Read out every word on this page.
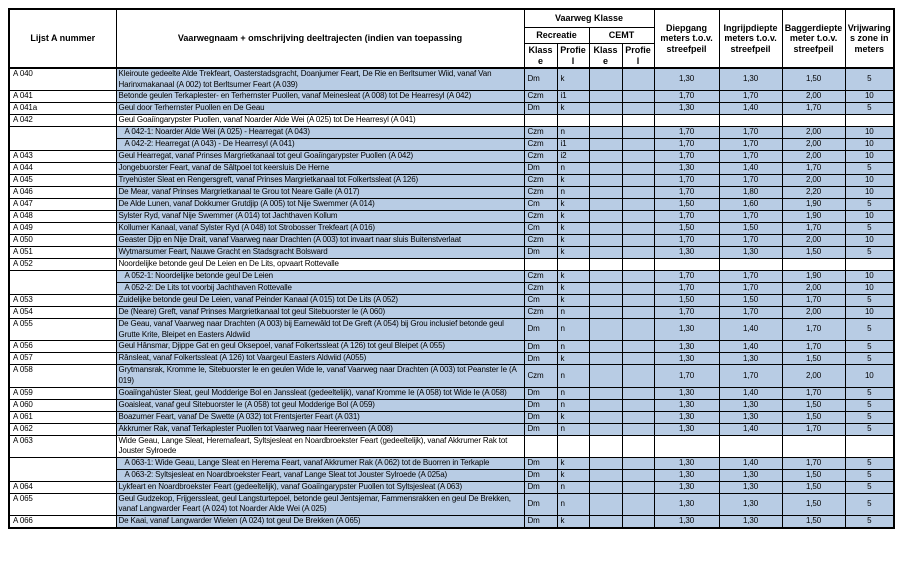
Lijst A nummer	Vaarwegnaam + omschrijving deeltrajecten (indien van toepassing	Vaarweg Klasse				Diepgang meters t.o.v. streefpeil	Ingrijpdiepte meters t.o.v. streefpeil	Baggerdiepte meter t.o.v. streefpeil	Vrijwarings zone in meters
		Recreatie		CEMT					
		Klasse	Profiel	Klasse	Profiel				
A 040	Kleiroute gedeelte Alde Trekfeart, Oasterstadsgracht, Doanjumer Feart, De Rie en Berltsumer Wiid, vanaf Van Harinxmakanaal (A 002) tot Berltsumer Feart (A 039)	Dm	k			1,30	1,30	1,50	5
A 041	Betonde geulen Terkaplester- en Terhernster Puollen, vanaf Meinesleat (A 008) tot De Hearresyl (A 042)	Czm	i1			1,70	1,70	2,00	10
A 041a	Geul door Terhernster Puollen en De Geau	Dm	k			1,30	1,40	1,70	5
A 042	Geul Goaiïngarypster Puollen, vanaf Noarder Alde Wei (A 025) tot De Hearresyl (A 041)								
	A 042-1: Noarder Alde Wei (A 025) - Hearregat (A 043)	Czm	n			1,70	1,70	2,00	10
	A 042-2: Hearregat (A 043) - De Hearresyl (A 041)	Czm	i1			1,70	1,70	2,00	10
A 043	Geul Hearregat, vanaf Prinses Margrietkanaal tot geul Goaiïngarypster Puollen (A 042)	Czm	i2			1,70	1,70	2,00	10
A 044	Jongebuorster Feart, vanaf de Sâltpoel tot keersluis De Herne	Dm	n			1,30	1,40	1,70	5
A 045	Tryehúster Sleat en Rengersgreft, vanaf Prinses Margrietkanaal tot Folkertssleat (A 126)	Czm	k			1,70	1,70	2,00	10
A 046	De Mear, vanaf Prinses Margrietkanaal te Grou tot Neare Galle (A 017)	Czm	n			1,70	1,80	2,20	10
A 047	De Alde Lunen, vanaf Dokkumer Grutdjip (A 005) tot Nije Swemmer (A 014)	Cm	k			1,50	1,60	1,90	5
A 048	Sylster Ryd, vanaf Nije Swemmer (A 014) tot Jachthaven Kollum	Czm	k			1,70	1,70	1,90	10
A 049	Kollumer Kanaal, vanaf Sylster Ryd (A 048) tot Strobosser Trekfeart (A 016)	Cm	k			1,50	1,50	1,70	5
A 050	Geaster Djip en Nije Drait, vanaf Vaarweg naar Drachten (A 003) tot invaart naar sluis Buitenstverlaat	Czm	k			1,70	1,70	2,00	10
A 051	Wytmarsumer Feart, Nauwe Gracht en Stadsgracht Bolsward	Dm	k			1,30	1,30	1,50	5
A 052	Noordelijke betonde geul De Leien en De Lits, opvaart Rottevalle								
	A 052-1: Noordelijke betonde geul De Leien	Czm	k			1,70	1,70	1,90	10
	A 052-2: De Lits tot voorbij Jachthaven Rottevalle	Czm	k			1,70	1,70	2,00	10
A 053	Zuidelijke betonde geul De Leien, vanaf Peinder Kanaal (A 015) tot De Lits (A 052)	Cm	k			1,50	1,50	1,70	5
A 054	De (Neare) Greft, vanaf Prinses Margrietkanaal tot geul Sitebuorster Ie (A 060)	Czm	n			1,70	1,70	2,00	10
A 055	De Geau, vanaf Vaarweg naar Drachten (A 003) bij Earnewâld tot De Greft (A 054) bij Grou inclusief betonde geul Grutte Krite, Bleipet en Easters Aldwiid	Dm	n			1,30	1,40	1,70	5
A 056	Geul Hânsmar, Djippe Gat en geul Oksepoel, vanaf Folkertssleat (A 126) tot geul Bleipet (A 055)	Dm	n			1,30	1,40	1,70	5
A 057	Rânsleat, vanaf Folkertssleat (A 126) tot Vaargeul Easters Aldwiid (A055)	Dm	k			1,30	1,30	1,50	5
A 058	Grytmansrak, Kromme Ie, Sitebuorster Ie en geulen Wide Ie, vanaf Vaarweg naar Drachten (A 003) tot Peanster Ie (A 019)	Czm	n			1,70	1,70	2,00	10
A 059	Goaiïngahúster Sleat, geul Modderige Bol en Janssleat (gedeeltelijk), vanaf Kromme Ie (A 058) tot Wide Ie (A 058)	Dm	n			1,30	1,40	1,70	5
A 060	Goaisleat, vanaf geul Sitebuorster Ie (A 058) tot geul Modderige Bol (A 059)	Dm	n			1,30	1,30	1,50	5
A 061	Boazumer Feart, vanaf De Swette (A 032) tot Frentsjerter Feart (A 031)	Dm	k			1,30	1,30	1,50	5
A 062	Akkrumer Rak, vanaf Terkaplester Puollen tot Vaarweg naar Heerenveen (A 008)	Dm	n			1,30	1,40	1,70	5
A 063	Wide Geau, Lange Sleat, Heremafeart, Syltsjesleat en Noardbroekster Feart (gedeeltelijk), vanaf Akkrumer Rak tot Jouster Sylroede								
	A 063-1: Wide Geau, Lange Sleat en Herema Feart, vanaf Akkrumer Rak (A 062) tot de Buorren in Terkaple	Dm	k			1,30	1,40	1,70	5
	A 063-2: Syltsjesleat en Noardbroekster Feart, vanaf Lange Sleat tot Jouster Sylroede (A 025a)	Dm	k			1,30	1,30	1,50	5
A 064	Lykfeart en Noardbroekster Feart (gedeeltelijk), vanaf Goaiïngarypster Puollen tot Syltsjesleat (A 063)	Dm	n			1,30	1,30	1,50	5
A 065	Geul Gudzekop, Frijgerssleat, geul Langsturtepoel, betonde geul Jentsjemar, Fammensrakken en geul De Brekken, vanaf Langwarder Feart (A 024) tot Noarder Alde Wei (A 025)	Dm	n			1,30	1,30	1,50	5
A 066	De Kaai, vanaf Langwarder Wielen (A 024) tot geul De Brekken (A 065)	Dm	k			1,30	1,30	1,50	5
